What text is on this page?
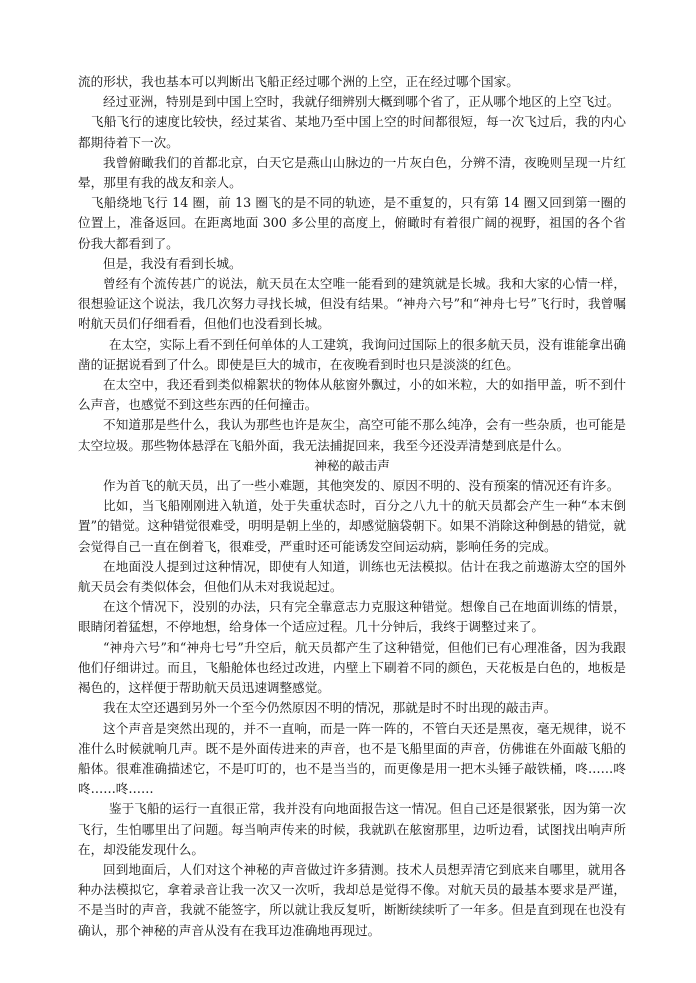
流的形状，我也基本可以判断出飞船正经过哪个洲的上空，正在经过哪个国家。

经过亚洲，特别是到中国上空时，我就仔细辨别大概到哪个省了，正从哪个地区的上空飞过。

飞船飞行的速度比较快，经过某省、某地乃至中国上空的时间都很短，每一次飞过后，我的内心都期待着下一次。

我曾俯瞰我们的首都北京，白天它是燕山山脉边的一片灰白色，分辨不清，夜晚则呈现一片红晕，那里有我的战友和亲人。

飞船绕地飞行 14 圈，前 13 圈飞的是不同的轨迹，是不重复的，只有第 14 圈又回到第一圈的位置上，准备返回。在距离地面 300 多公里的高度上，俯瞰时有着很广阔的视野，祖国的各个省份我大都看到了。

但是，我没有看到长城。

曾经有个流传甚广的说法，航天员在太空唯一能看到的建筑就是长城。我和大家的心情一样，很想验证这个说法，我几次努力寻找长城，但没有结果。“神舟六号”和“神舟七号”飞行时，我曾嘱咐航天员们仔细看看，但他们也没看到长城。

在太空，实际上看不到任何单体的人工建筑，我询问过国际上的很多航天员，没有谁能拿出确凿的证据说看到了什么。即使是巨大的城市，在夜晚看到时也只是淡淡的红色。

在太空中，我还看到类似棉絮状的物体从舷窗外飘过，小的如米粒，大的如指甲盖，听不到什么声音，也感觉不到这些东西的任何撞击。

不知道那是些什么，我认为那些也许是灰尘，高空可能不那么纯净，会有一些杂质，也可能是太空垃圾。那些物体悬浮在飞船外面，我无法捕捉回来，我至今还没弄清楚到底是什么。

神秘的敲击声

作为首飞的航天员，出了一些小难题，其他突发的、原因不明的、没有预案的情况还有许多。

比如，当飞船刚刚进入轨道，处于失重状态时，百分之八九十的航天员都会产生一种“本末倒置”的错觉。这种错觉很难受，明明是朝上坐的，却感觉脑袋朝下。如果不消除这种倒悬的错觉，就会觉得自己一直在倒着飞，很难受，严重时还可能诱发空间运动病，影响任务的完成。

在地面没人提到过这种情况，即使有人知道，训练也无法模拟。估计在我之前遨游太空的国外航天员会有类似体会，但他们从未对我说起过。

在这个情况下，没别的办法，只有完全靠意志力克服这种错觉。想像自己在地面训练的情景，眼睛闭着猛想，不停地想，给身体一个适应过程。几十分钟后，我终于调整过来了。

“神舟六号”和“神舟七号”升空后，航天员都产生了这种错觉，但他们已有心理准备，因为我跟他们仔细讲过。而且，飞船舱体也经过改进，内壁上下刷着不同的颜色，天花板是白色的，地板是褐色的，这样便于帮助航天员迅速调整感觉。

我在太空还遇到另外一个至今仍然原因不明的情况，那就是时不时出现的敲击声。

这个声音是突然出现的，并不一直响，而是一阵一阵的，不管白天还是黑夜，毫无规律，说不准什么时候就响几声。既不是外面传进来的声音，也不是飞船里面的声音，仿佛谁在外面敲飞船的船体。很难准确描述它，不是叮叮的，也不是当当的，而更像是用一把木头锤子敲铁桶，咚……咚咚……咚……

鉴于飞船的运行一直很正常，我并没有向地面报告这一情况。但自己还是很紧张，因为第一次飞行，生怕哪里出了问题。每当响声传来的时候，我就趴在舷窗那里，边听边看，试图找出响声所在，却没能发现什么。

回到地面后，人们对这个神秘的声音做过许多猜测。技术人员想弄清它到底来自哪里，就用各种办法模拟它，拿着录音让我一次又一次听，我却总是觉得不像。对航天员的最基本要求是严谨，不是当时的声音，我就不能签字，所以就让我反复听，断断续续听了一年多。但是直到现在也没有确认，那个神秘的声音从没有在我耳边准确地再现过。
